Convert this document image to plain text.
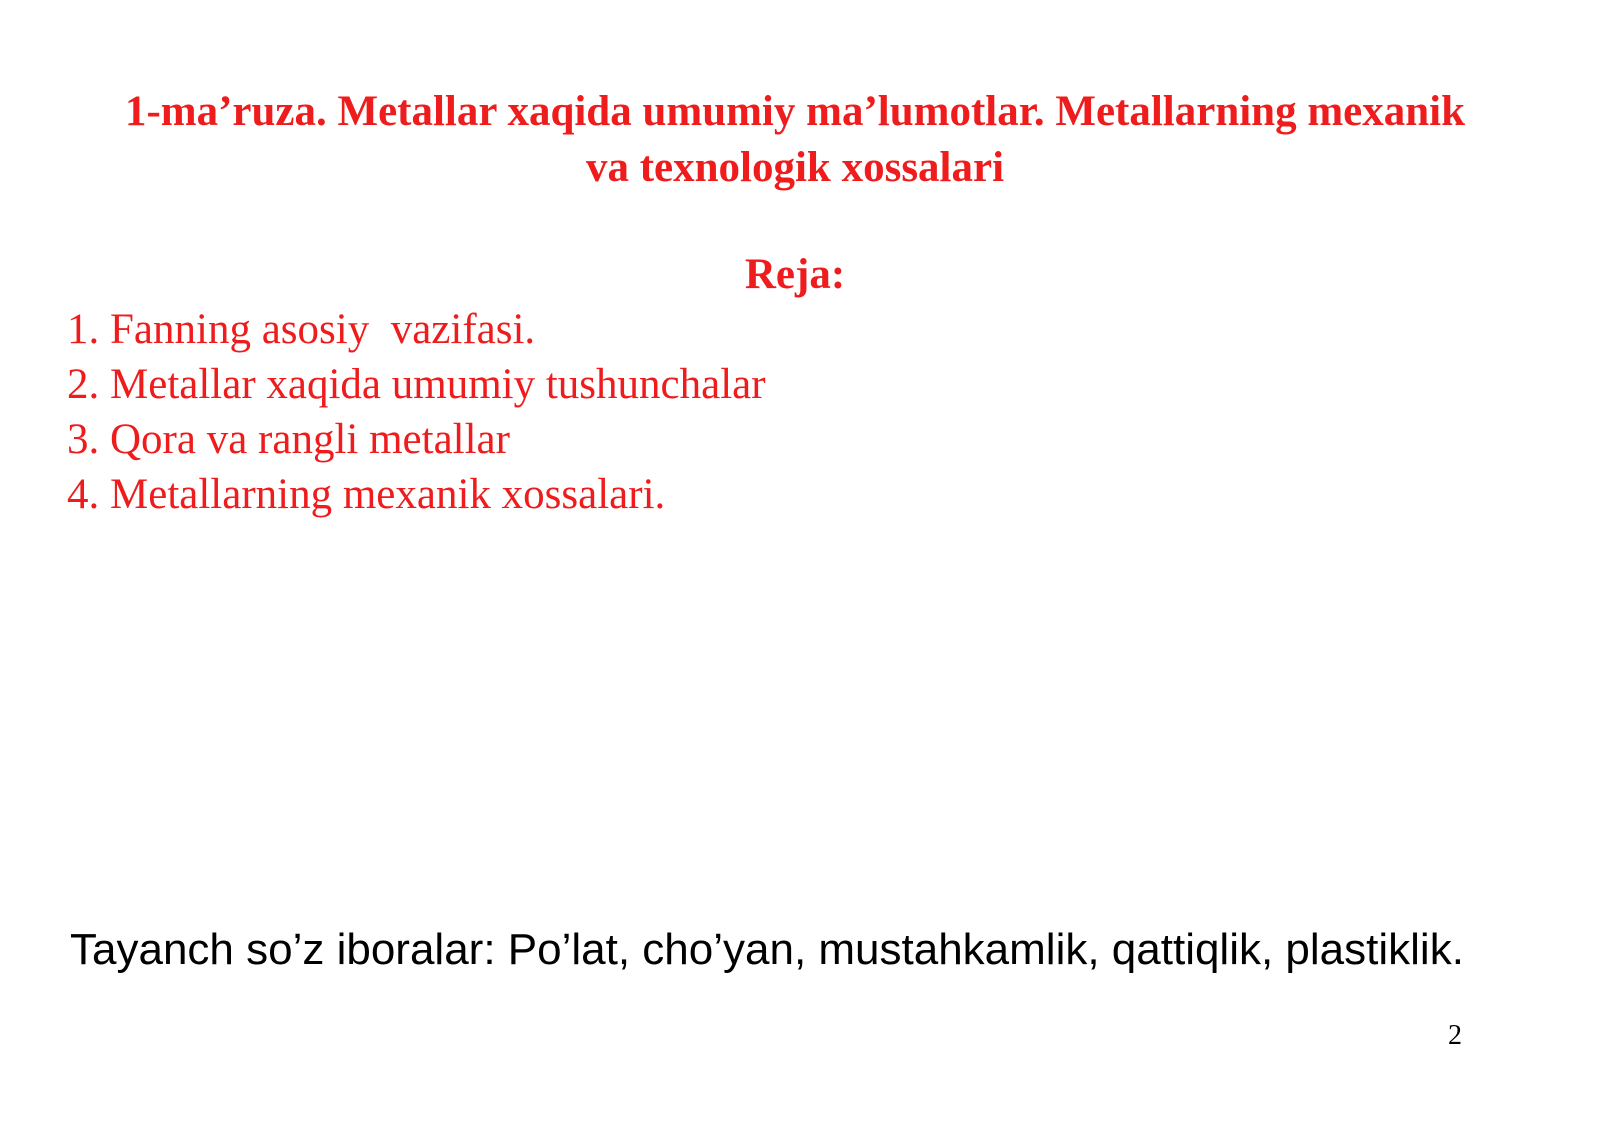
1-ma’ruza. Metallar xaqida umumiy ma’lumotlar. Metallarning mexanik
va texnologik xossalari
Reja:
1. Fanning asosiy  vazifasi.
2. Metallar xaqida umumiy tushunchalar
3. Qora va rangli metallar
4. Metallarning mexanik xossalari.

Tayanch so’z iboralar: Po’lat, cho’yan, mustahkamlik, qattiqlik, plastiklik.

2
